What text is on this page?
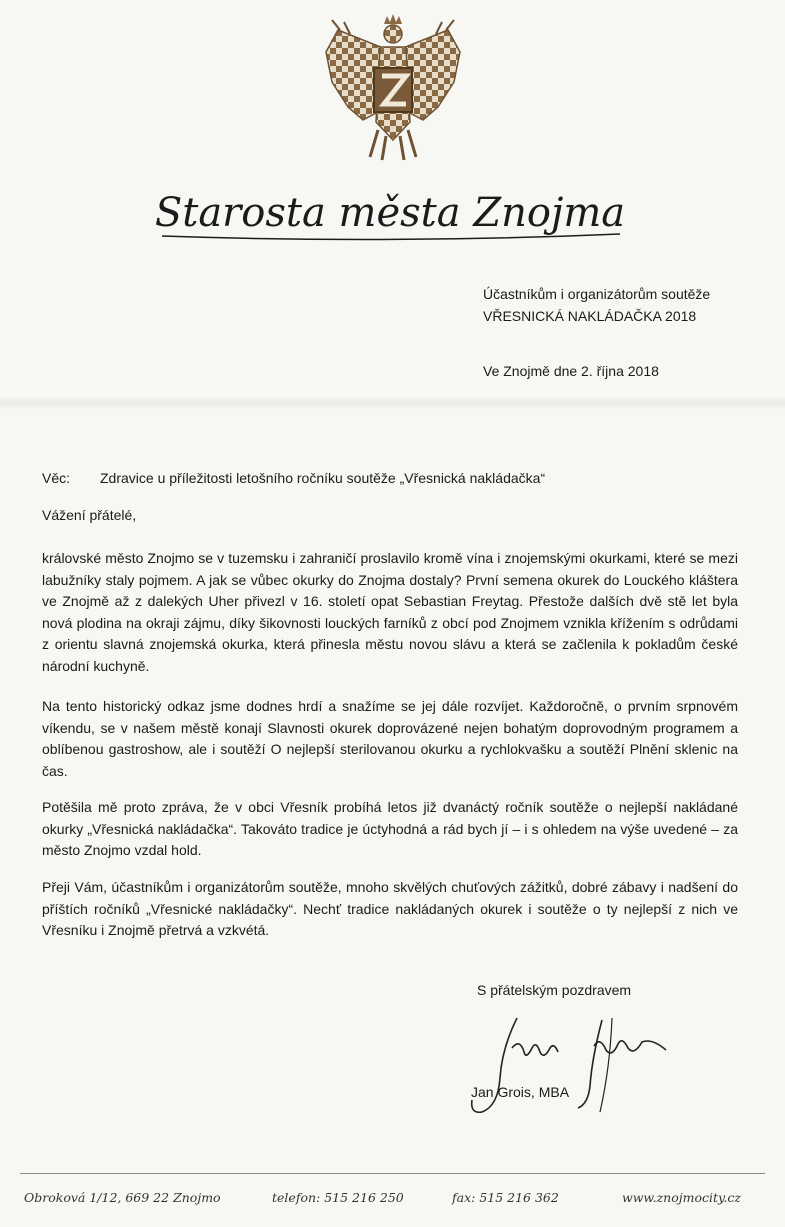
Starosta města Znojma
Účastníkům i organizátorům soutěže
VŘESNICKÁ NAKLÁDAČKA 2018
Ve Znojmě dne 2. října 2018
Věc: Zdravice u příležitosti letošního ročníku soutěže „Vřesnická nakládačka“
Vážení přátelé,

královské město Znojmo se v tuzemsku i zahraničí proslavilo kromě vína i znojemskými okurkami, které se mezi labužníky staly pojmem. A jak se vůbec okurky do Znojma dostaly? První semena okurek do Louckého kláštera ve Znojmě až z dalekých Uher přivezl v 16. století opat Sebastian Freytag. Přestože dalších dvě stě let byla nová plodina na okraji zájmu, díky šikovnosti louckých farníků z obcí pod Znojmem vznikla křížením s odrůdami z orientu slavná znojemská okurka, která přinesla městu novou slávu a která se začlenila k pokladům české národní kuchyně.

Na tento historický odkaz jsme dodnes hrdí a snažíme se jej dále rozvíjet. Každoročně, o prvním srpnovém víkendu, se v našem městě konají Slavnosti okurek doprovázené nejen bohatým doprovodným programem a oblíbenou gastroshow, ale i soutěží O nejlepší sterilovanou okurku a rychlokvašku a soutěží Plnění sklenic na čas.

Potěšila mě proto zpráva, že v obci Vřesník probíhá letos již dvanáctý ročník soutěže o nejlepší nakládané okurky „Vřesnická nakládačka“. Takováto tradice je úctyhodná a rád bych jí – i s ohledem na výše uvedené – za město Znojmo vzdal hold.

Přeji Vám, účastníkům i organizátorům soutěže, mnoho skvělých chuťových zážitků, dobré zábavy i nadšení do příštích ročníků „Vřesnické nakládačky“. Nechť tradice nakládaných okurek i soutěže o ty nejlepší z nich ve Vřesníku i Znojmě přetrvá a vzkvétá.

S přátelským pozdravem
Jan Grois, MBA
Obroková 1/12, 669 22 Znojmo	telefon: 515 216 250	fax: 515 216 362	www.znojmocity.cz
